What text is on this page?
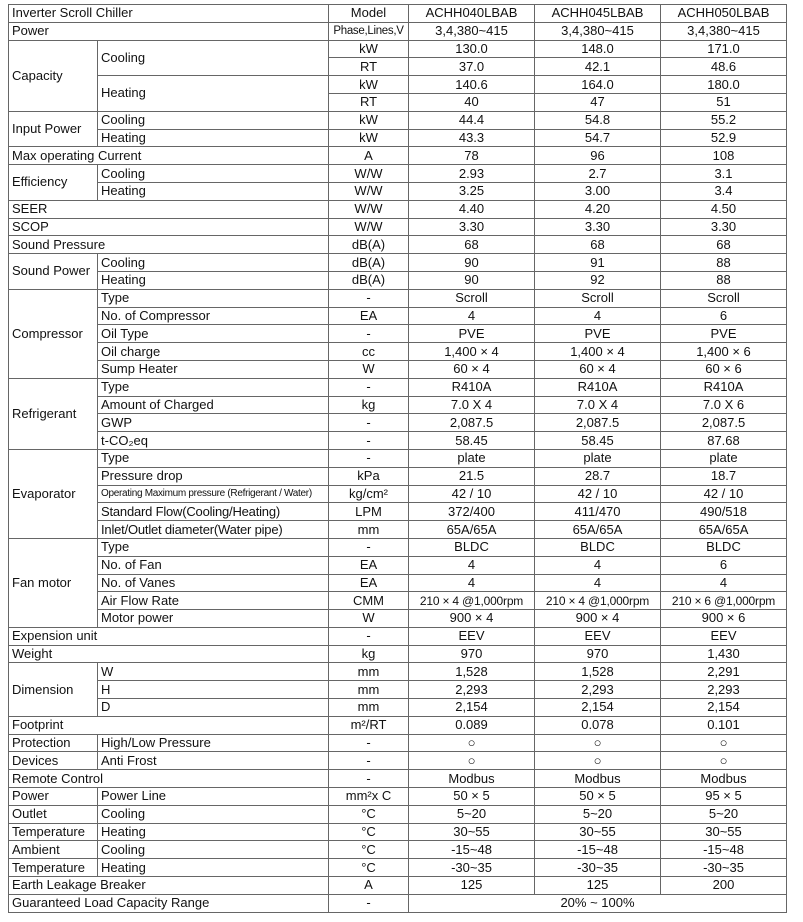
Inverter Scroll Chiller		Model	ACHH040LBAB	ACHH045LBAB	ACHH050LBAB
Power		Phase,Lines,V	3,4,380~415	3,4,380~415	3,4,380~415
Capacity	Cooling	kW	130.0	148.0	171.0
		RT	37.0	42.1	48.6
	Heating	kW	140.6	164.0	180.0
		RT	40	47	51
Input Power	Cooling	kW	44.4	54.8	55.2
	Heating	kW	43.3	54.7	52.9
Max operating Current		A	78	96	108
Efficiency	Cooling	W/W	2.93	2.7	3.1
	Heating	W/W	3.25	3.00	3.4
SEER		W/W	4.40	4.20	4.50
SCOP		W/W	3.30	3.30	3.30
Sound Pressure		dB(A)	68	68	68
Sound Power	Cooling	dB(A)	90	91	88
	Heating	dB(A)	90	92	88
Compressor	Type	-	Scroll	Scroll	Scroll
	No. of Compressor	EA	4	4	6
	Oil Type	-	PVE	PVE	PVE
	Oil charge	cc	1,400 × 4	1,400 × 4	1,400 × 6
	Sump Heater	W	60 × 4	60 × 4	60 × 6
Refrigerant	Type	-	R410A	R410A	R410A
	Amount of Charged	kg	7.0 X 4	7.0 X 4	7.0 X 6
	GWP	-	2,087.5	2,087.5	2,087.5
	t-CO₂eq	-	58.45	58.45	87.68
Evaporator	Type	-	plate	plate	plate
	Pressure drop	kPa	21.5	28.7	18.7
	Operating Maximum pressure (Refrigerant / Water)	kg/cm²	42 / 10	42 / 10	42 / 10
	Standard Flow(Cooling/Heating)	LPM	372/400	411/470	490/518
	Inlet/Outlet diameter(Water pipe)	mm	65A/65A	65A/65A	65A/65A
Fan motor	Type	-	BLDC	BLDC	BLDC
	No. of Fan	EA	4	4	6
	No. of Vanes	EA	4	4	4
	Air Flow Rate	CMM	210 × 4 @1,000rpm	210 × 4 @1,000rpm	210 × 6 @1,000rpm
	Motor power	W	900 × 4	900 × 4	900 × 6
Expension unit		-	EEV	EEV	EEV
Weight		kg	970	970	1,430
Dimension	W	mm	1,528	1,528	2,291
	H	mm	2,293	2,293	2,293
	D	mm	2,154	2,154	2,154
Footprint		m²/RT	0.089	0.078	0.101
Protection	High/Low Pressure	-	○	○	○
Devices	Anti Frost	-	○	○	○
Remote Control		-	Modbus	Modbus	Modbus
Power	Power Line	mm²x C	50 × 5	50 × 5	95 × 5
Outlet	Cooling	°C	5~20	5~20	5~20
Temperature	Heating	°C	30~55	30~55	30~55
Ambient	Cooling	°C	-15~48	-15~48	-15~48
Temperature	Heating	°C	-30~35	-30~35	-30~35
Earth Leakage Breaker		A	125	125	200
Guaranteed Load Capacity Range		-	20% ~ 100%		
